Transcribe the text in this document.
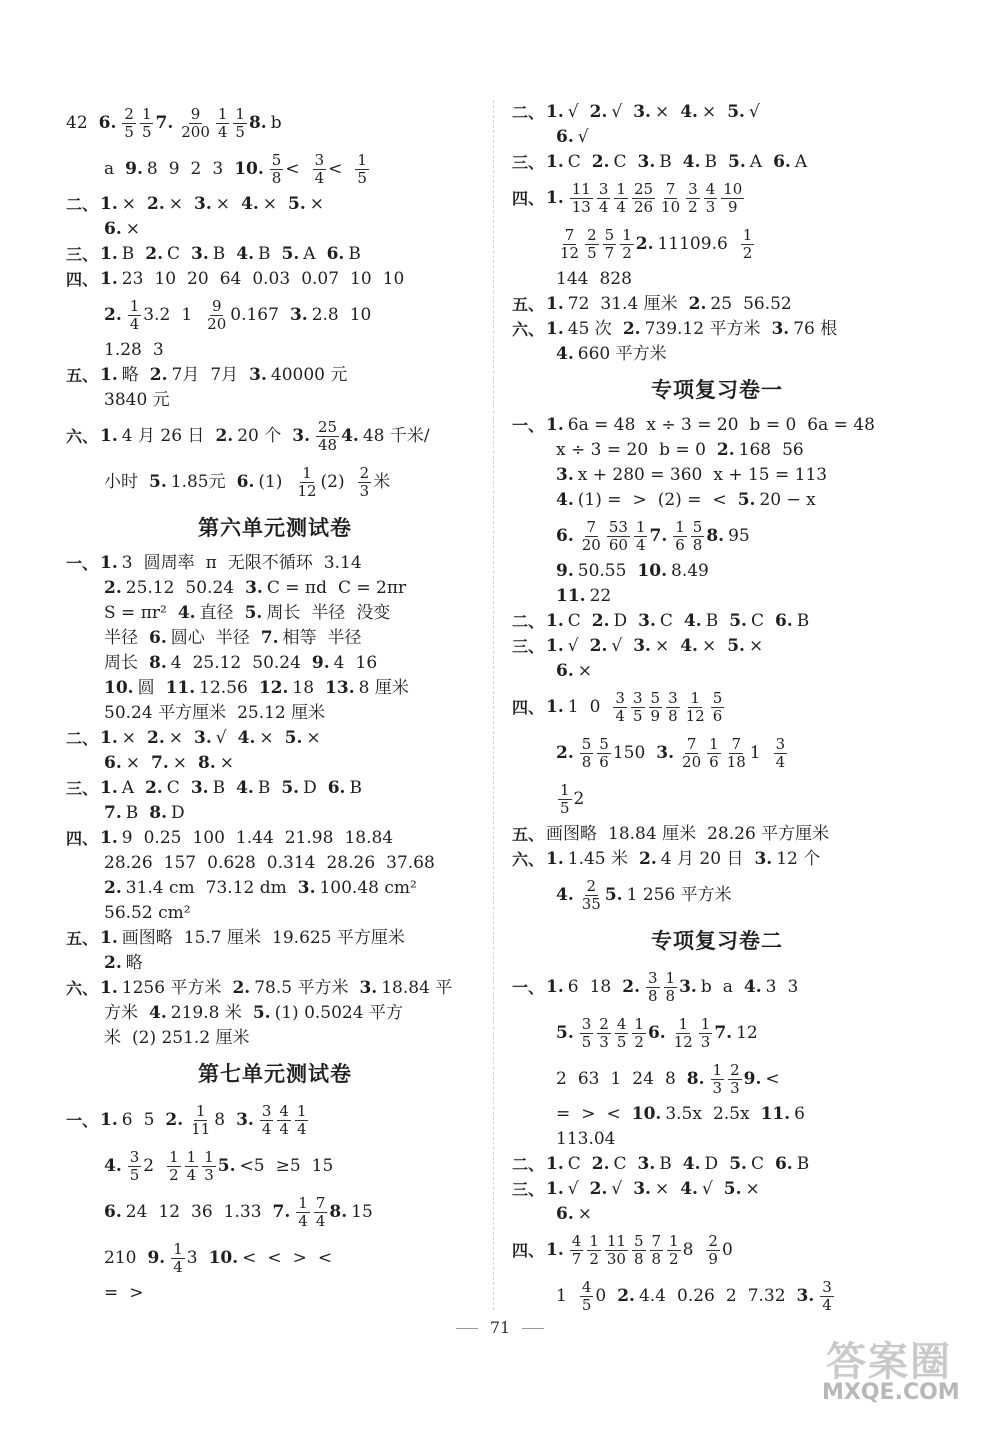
42 6. $\frac{2}{5} \frac{1}{5} 7$. $\frac{9}{200} \frac{1}{4} \frac{1}{5} 8$. b
a 9. 8 9 2 3 10. $\frac{5}{8} < \frac{3}{4} < \frac{1}{5}$
二、 1. × 2. × 3. × 4. × 5. ×
6. ×
三、 1. B 2. C 3. B 4. B 5. A 6. B
四、 1. 23 10 20 64 0.03 0.07 10 10
2. $\frac{1}{4} 3.2$ $1 \frac{9}{20} 0.167$ 3. 2.8 10
1.28 3
五、 1. 略 2. 7月 7月 3. 40000 元
3840 元
六、 1. 4 月 26 日 2. 20 个 3. $\frac{25}{48} 4$. 48 千米/
小时 5. 1.85元 6. $(1) \frac{1}{12} (2) \frac{2}{3}$ 米
第六单元测试卷
一、 1. 3 圆周率 π 无限不循环 3.14
2. 25.12 50.24 3. C = πd C = 2πr
S = πr² 4. 直径 5. 周长 半径 没变
半径 6. 圆心 半径 7. 相等 半径
周长 8. 4 25.12 50.24 9. 4 16
10. 圆 11. 12.56 12. 18 13. 8 厘米
50.24 平方厘米 25.12 厘米
二、 1. × 2. × 3. √ 4. × 5. ×
6. × 7. × 8. ×
三、 1. A 2. C 3. B 4. B 5. D 6. B
7. B 8. D
四、 1. 9 0.25 100 1.44 21.98 18.84
28.26 157 0.628 0.314 28.26 37.68
2. 31.4 cm 73.12 dm 3. 100.48 cm²
56.52 cm²
五、 1. 画图略 15.7 厘米 19.625 平方厘米
2. 略
六、 1. 1256 平方米 2. 78.5 平方米 3. 18.84 平
方米 4. 219.8 米 5. (1) 0.5024 平方
米 (2) 251.2 厘米
第七单元测试卷
一、 1. 6 5 2. $\frac{1}{11} 8$ 3. $\frac{3}{4} \frac{4}{4} \frac{1}{4}$
4. $\frac{3}{5} 2 \frac{1}{2} \frac{1}{4} \frac{1}{3} 5$. <5 ≥5 15
6. 24 12 36 1.33 7. $\frac{1}{4} \frac{7}{4} 8$. 15
210 9. $\frac{1}{4} 3$ 10. < < > <
= >
二、 1. √ 2. √ 3. × 4. × 5. √
6. √
三、 1. C 2. C 3. B 4. B 5. A 6. A
四、 1. $\frac{11}{13} \frac{3}{4} \frac{1}{4} \frac{25}{26} \frac{7}{10} \frac{3}{2} \frac{4}{3} \frac{10}{9}$
$\frac{7}{12} \frac{2}{5} \frac{5}{7} \frac{1}{2} 2$. $11109.6 \frac{1}{2}$
144 828
五、 1. 72 31.4 厘米 2. 25 56.52
六、 1. 45 次 2. 739.12 平方米 3. 76 根
4. 660 平方米
专项复习卷一
一、 1. 6a = 48 x ÷ 3 = 20 b = 0 6a = 48
x ÷ 3 = 20 b = 0 2. 168 56
3. x + 280 = 360 x + 15 = 113
4. (1) = > (2) = < 5. 20 − x
6. $\frac{7}{20} \frac{53}{60} \frac{1}{4} 7$. $\frac{1}{6} \frac{5}{8} 8$. 95
9. 50.55 10. 8.49
11. 22
二、 1. C 2. D 3. C 4. B 5. C 6. B
三、 1. √ 2. √ 3. × 4. × 5. ×
6. ×
四、 1. 1 $0 \frac{3}{4} \frac{3}{5} \frac{5}{9} \frac{3}{8} \frac{1}{12} \frac{5}{6}$
2. $\frac{5}{8} \frac{5}{6} 150$ 3. $\frac{7}{20} \frac{1}{6} \frac{7}{18} 1 \frac{3}{4}$
$\frac{1}{5} 2$
五、 画图略 18.84 厘米 28.26 平方厘米
六、 1. 1.45 米 2. 4 月 20 日 3. 12 个
4. $\frac{2}{35} 5$. 1 256 平方米
专项复习卷二
一、 1. 6 18 2. $\frac{3}{8} \frac{1}{8} 3$. b a 4. 3 3
5. $\frac{3}{5} \frac{2}{3} \frac{4}{5} \frac{1}{2} 6$. $\frac{1}{12} \frac{1}{3} 7$. 12
2 63 1 24 8 8. $\frac{1}{3} \frac{2}{3} 9$. <
= > < 10. 3.5x 2.5x 11. 6
113.04
二、 1. C 2. C 3. B 4. D 5. C 6. B
三、 1. √ 2. √ 3. × 4. √ 5. ×
6. ×
四、 1. $\frac{4}{7} \frac{1}{2} \frac{11}{30} \frac{5}{8} \frac{7}{8} \frac{1}{2} 8 \frac{2}{9} 0$
$1 \frac{4}{5} 0$ 2. 4.4 0.26 2 7.32 3. $\frac{3}{4}$
71
答案圈
MXQE.COM
